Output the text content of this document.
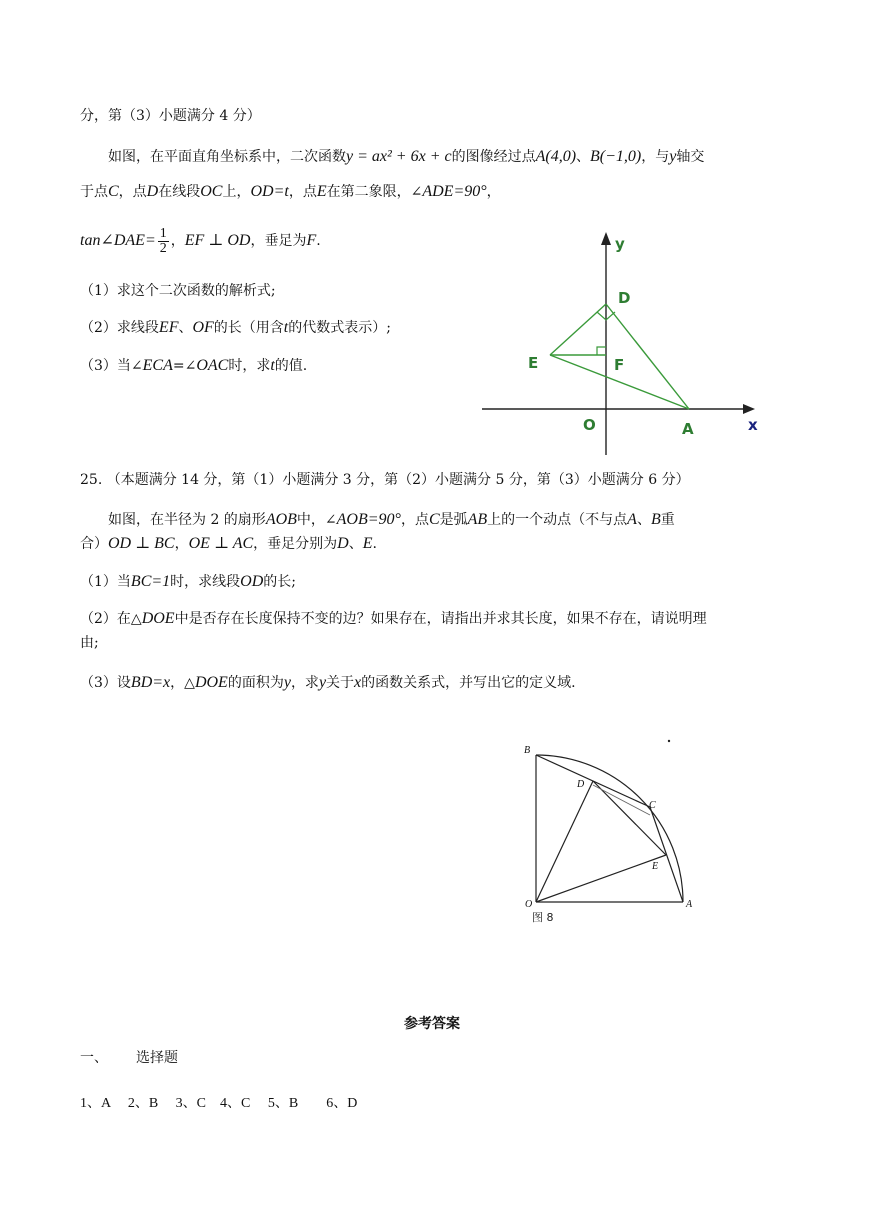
分，第（3）小题满分 4 分）
如图，在平面直角坐标系中，二次函数y = ax² + 6x + c的图像经过点A(4,0)、B(−1,0)，与y轴交
于点C，点D在线段OC上，OD=t，点E在第二象限，∠ADE=90°，
tan∠DAE= $\frac{1}{2}$ ，EF ⊥ OD，垂足为F.
（1）求这个二次函数的解析式;
（2）求线段EF、OF的长（用含t的代数式表示）;
（3）当∠ECA=∠OAC时，求t的值.
y
D
E	F
O	A	x
25. （本题满分 14 分，第（1）小题满分 3 分，第（2）小题满分 5 分，第（3）小题满分 6 分）
如图，在半径为 2 的扇形AOB中，∠AOB=90°，点C是弧AB上的一个动点（不与点A、B重
合）OD ⊥ BC，OE ⊥ AC，垂足分别为D、E.
（1）当BC=1时，求线段OD的长;
（2）在△DOE中是否存在长度保持不变的边？如果存在，请指出并求其长度，如果不存在，请说明理
由;
（3）设BD=x，△DOE的面积为y，求y关于x的函数关系式，并写出它的定义域.
B
D
C
E
O	A
图 8
参考答案
一、 选择题
1、A　 2、B　 3、C　4、C　 5、B　　6、D
